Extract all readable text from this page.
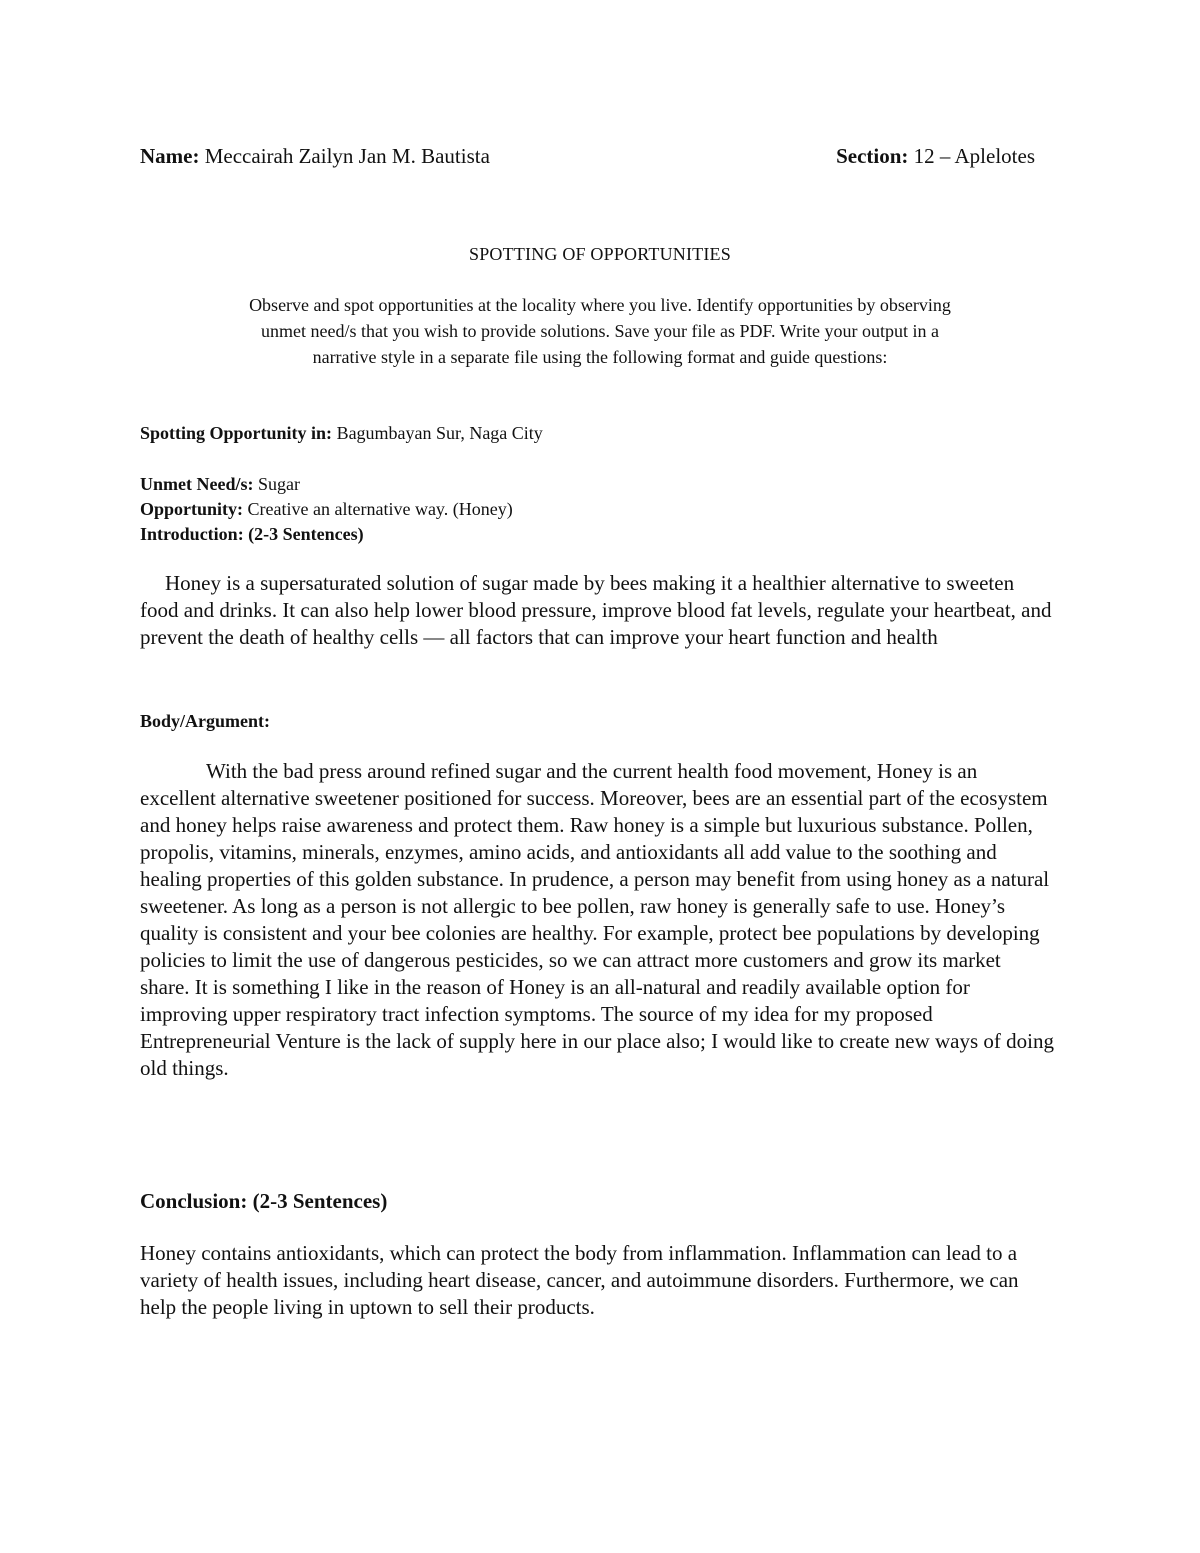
Name: Meccairah Zailyn Jan M. Bautista	Section: 12 – Aplelotes
SPOTTING OF OPPORTUNITIES
Observe and spot opportunities at the locality where you live. Identify opportunities by observing unmet need/s that you wish to provide solutions. Save your file as PDF. Write your output in a narrative style in a separate file using the following format and guide questions:
Spotting Opportunity in: Bagumbayan Sur, Naga City
Unmet Need/s: Sugar
Opportunity: Creative an alternative way. (Honey)
Introduction: (2-3 Sentences)
Honey is a supersaturated solution of sugar made by bees making it a healthier alternative to sweeten food and drinks. It can also help lower blood pressure, improve blood fat levels, regulate your heartbeat, and prevent the death of healthy cells — all factors that can improve your heart function and health
Body/Argument:
With the bad press around refined sugar and the current health food movement, Honey is an excellent alternative sweetener positioned for success. Moreover, bees are an essential part of the ecosystem and honey helps raise awareness and protect them. Raw honey is a simple but luxurious substance. Pollen, propolis, vitamins, minerals, enzymes, amino acids, and antioxidants all add value to the soothing and healing properties of this golden substance. In prudence, a person may benefit from using honey as a natural sweetener. As long as a person is not allergic to bee pollen, raw honey is generally safe to use. Honey’s quality is consistent and your bee colonies are healthy. For example, protect bee populations by developing policies to limit the use of dangerous pesticides, so we can attract more customers and grow its market share. It is something I like in the reason of Honey is an all-natural and readily available option for improving upper respiratory tract infection symptoms. The source of my idea for my proposed Entrepreneurial Venture is the lack of supply here in our place also; I would like to create new ways of doing old things.
Conclusion: (2-3 Sentences)
Honey contains antioxidants, which can protect the body from inflammation. Inflammation can lead to a variety of health issues, including heart disease, cancer, and autoimmune disorders. Furthermore, we can help the people living in uptown to sell their products.
